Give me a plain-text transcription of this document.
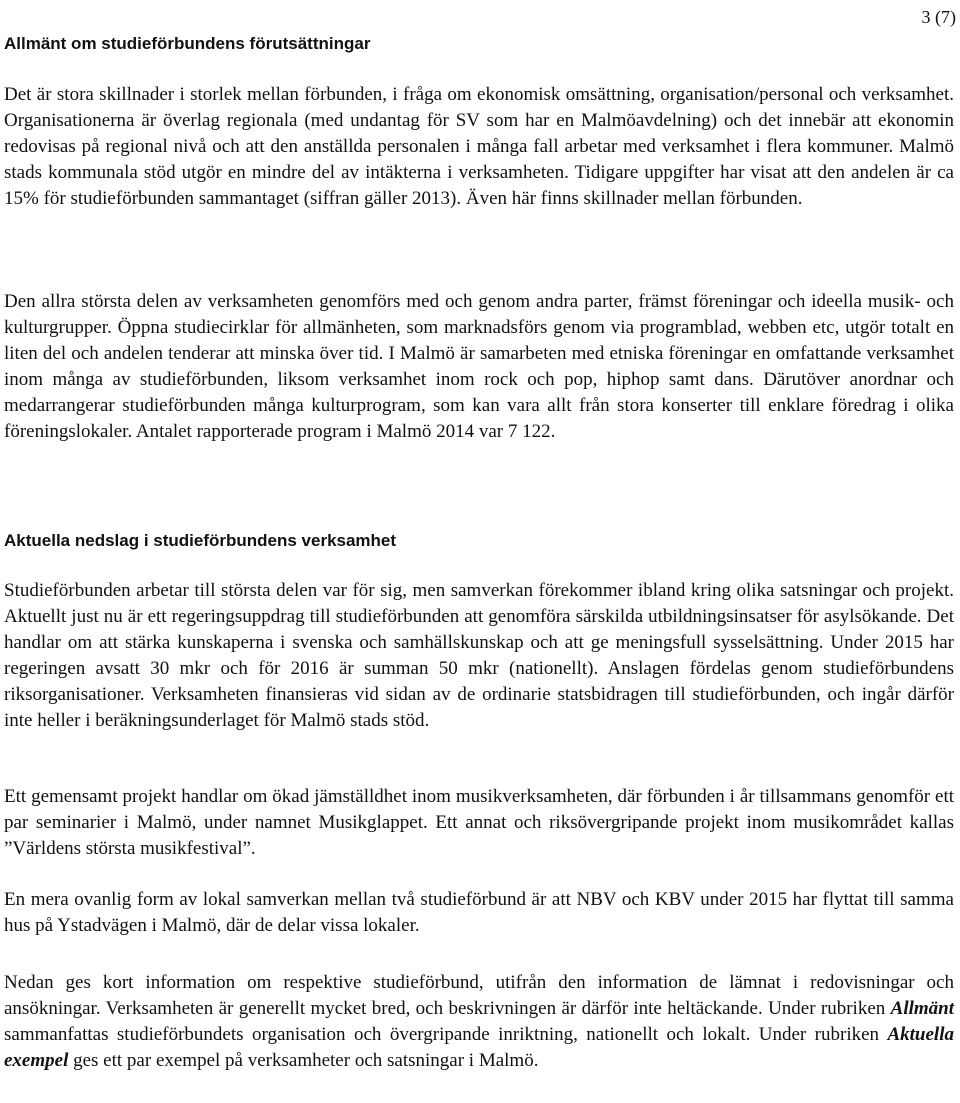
3 (7)
Allmänt om studieförbundens förutsättningar

Det är stora skillnader i storlek mellan förbunden, i fråga om ekonomisk omsättning, organisation/personal och verksamhet. Organisationerna är överlag regionala (med undantag för SV som har en Malmöavdelning) och det innebär att ekonomin redovisas på regional nivå och att den anställda personalen i många fall arbetar med verksamhet i flera kommuner. Malmö stads kommunala stöd utgör en mindre del av intäkterna i verksamheten. Tidigare uppgifter har visat att den andelen är ca 15% för studieförbunden sammantaget (siffran gäller 2013). Även här finns skillnader mellan förbunden.

Den allra största delen av verksamheten genomförs med och genom andra parter, främst föreningar och ideella musik- och kulturgrupper. Öppna studiecirklar för allmänheten, som marknadsförs genom via programblad, webben etc, utgör totalt en liten del och andelen tenderar att minska över tid. I Malmö är samarbeten med etniska föreningar en omfattande verksamhet inom många av studieförbunden, liksom verksamhet inom rock och pop, hiphop samt dans. Därutöver anordnar och medarrangerar studieförbunden många kulturprogram, som kan vara allt från stora konserter till enklare föredrag i olika föreningslokaler. Antalet rapporterade program i Malmö 2014 var 7 122.

Aktuella nedslag i studieförbundens verksamhet

Studieförbunden arbetar till största delen var för sig, men samverkan förekommer ibland kring olika satsningar och projekt. Aktuellt just nu är ett regeringsuppdrag till studieförbunden att genomföra särskilda utbildningsinsatser för asylsökande. Det handlar om att stärka kunskaperna i svenska och samhällskunskap och att ge meningsfull sysselsättning. Under 2015 har regeringen avsatt 30 mkr och för 2016 är summan 50 mkr (nationellt). Anslagen fördelas genom studieförbundens riksorganisationer. Verksamheten finansieras vid sidan av de ordinarie statsbidragen till studieförbunden, och ingår därför inte heller i beräkningsunderlaget för Malmö stads stöd.

Ett gemensamt projekt handlar om ökad jämställdhet inom musikverksamheten, där förbunden i år tillsammans genomför ett par seminarier i Malmö, under namnet Musikglappet. Ett annat och riksövergripande projekt inom musikområdet kallas ”Världens största musikfestival”.

En mera ovanlig form av lokal samverkan mellan två studieförbund är att NBV och KBV under 2015 har flyttat till samma hus på Ystadvägen i Malmö, där de delar vissa lokaler.

Nedan ges kort information om respektive studieförbund, utifrån den information de lämnat i redovisningar och ansökningar. Verksamheten är generellt mycket bred, och beskrivningen är därför inte heltäckande. Under rubriken Allmänt sammanfattas studieförbundets organisation och övergripande inriktning, nationellt och lokalt. Under rubriken Aktuella exempel ges ett par exempel på verksamheter och satsningar i Malmö.
